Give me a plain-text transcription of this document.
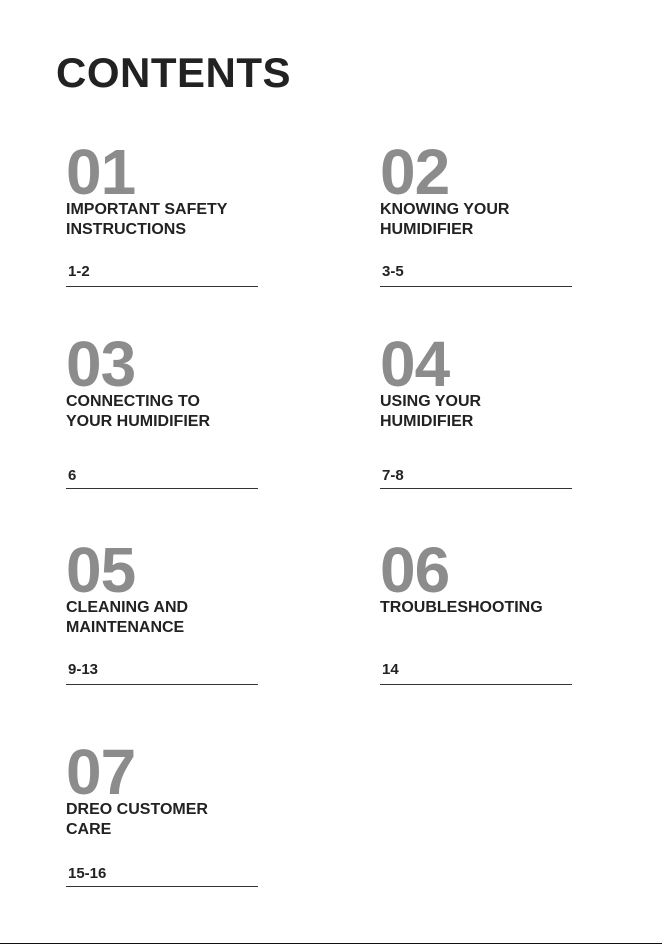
CONTENTS
01
IMPORTANT SAFETY
INSTRUCTIONS
1-2
02
KNOWING YOUR
HUMIDIFIER
3-5
03
CONNECTING TO
YOUR HUMIDIFIER
6
04
USING YOUR
HUMIDIFIER
7-8
05
CLEANING AND
MAINTENANCE
9-13
06
TROUBLESHOOTING
14
07
DREO CUSTOMER
CARE
15-16
